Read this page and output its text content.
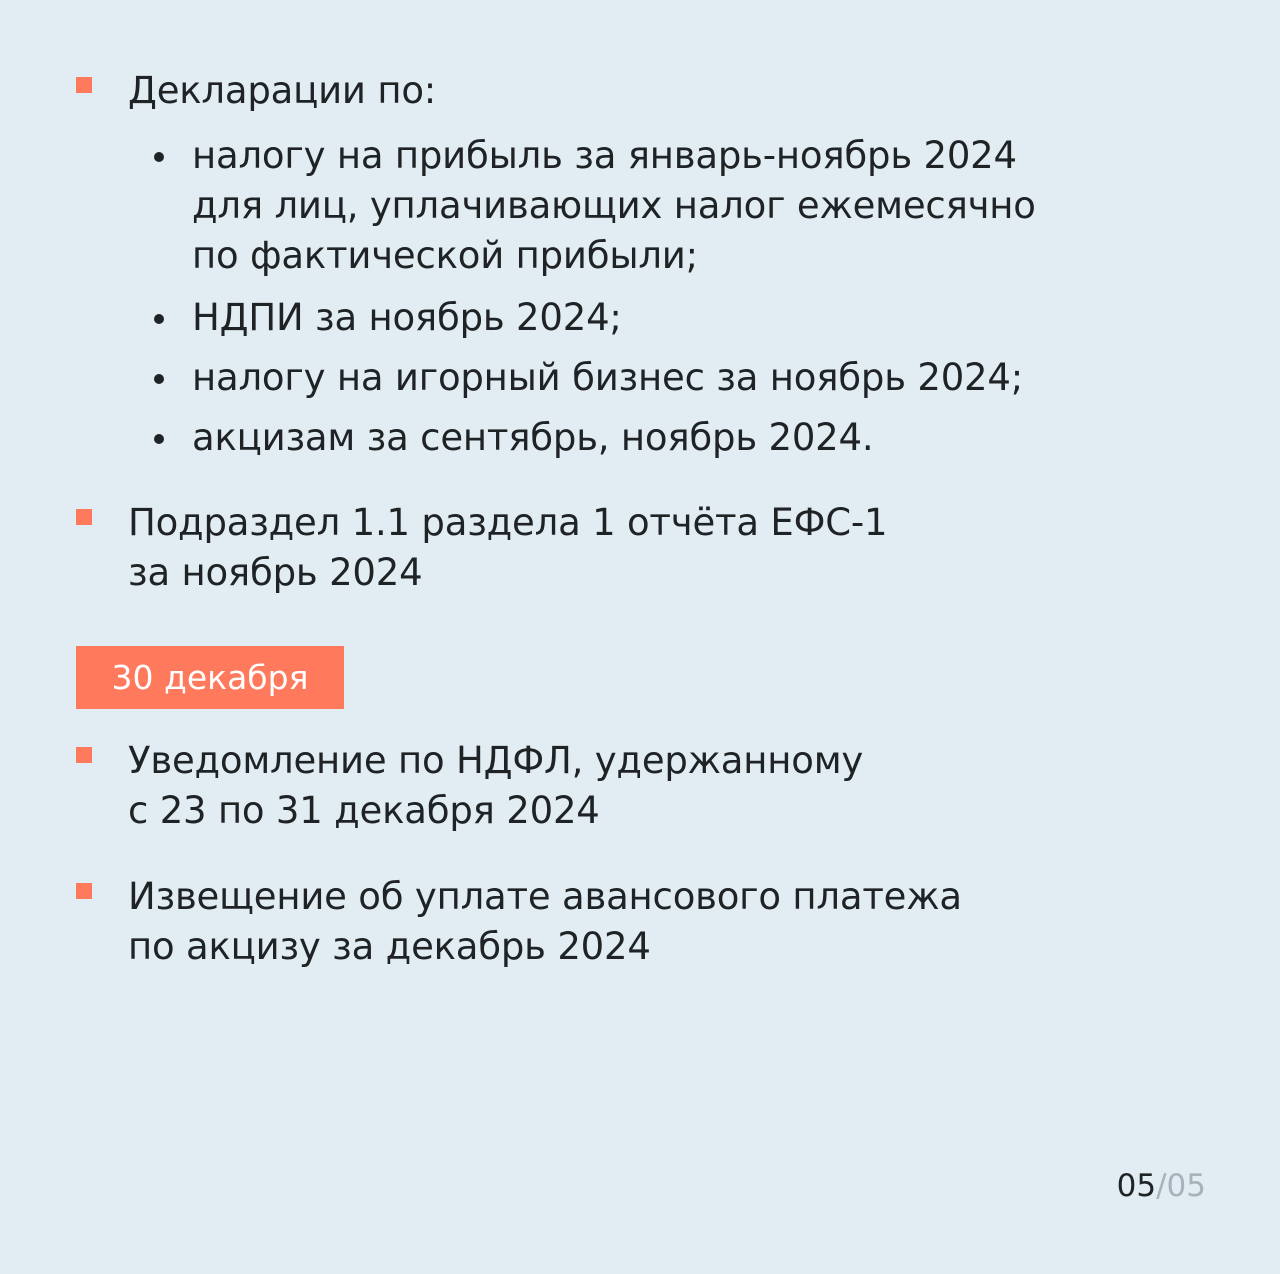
Декларации по:
налогу на прибыль за январь-ноябрь 2024
для лиц, уплачивающих налог ежемесячно
по фактической прибыли;
НДПИ за ноябрь 2024;
налогу на игорный бизнес за ноябрь 2024;
акцизам за сентябрь, ноябрь 2024.
Подраздел 1.1 раздела 1 отчёта ЕФС-1
за ноябрь 2024
30 декабря
Уведомление по НДФЛ, удержанному
с 23 по 31 декабря 2024
Извещение об уплате авансового платежа
по акцизу за декабрь 2024
05/05
